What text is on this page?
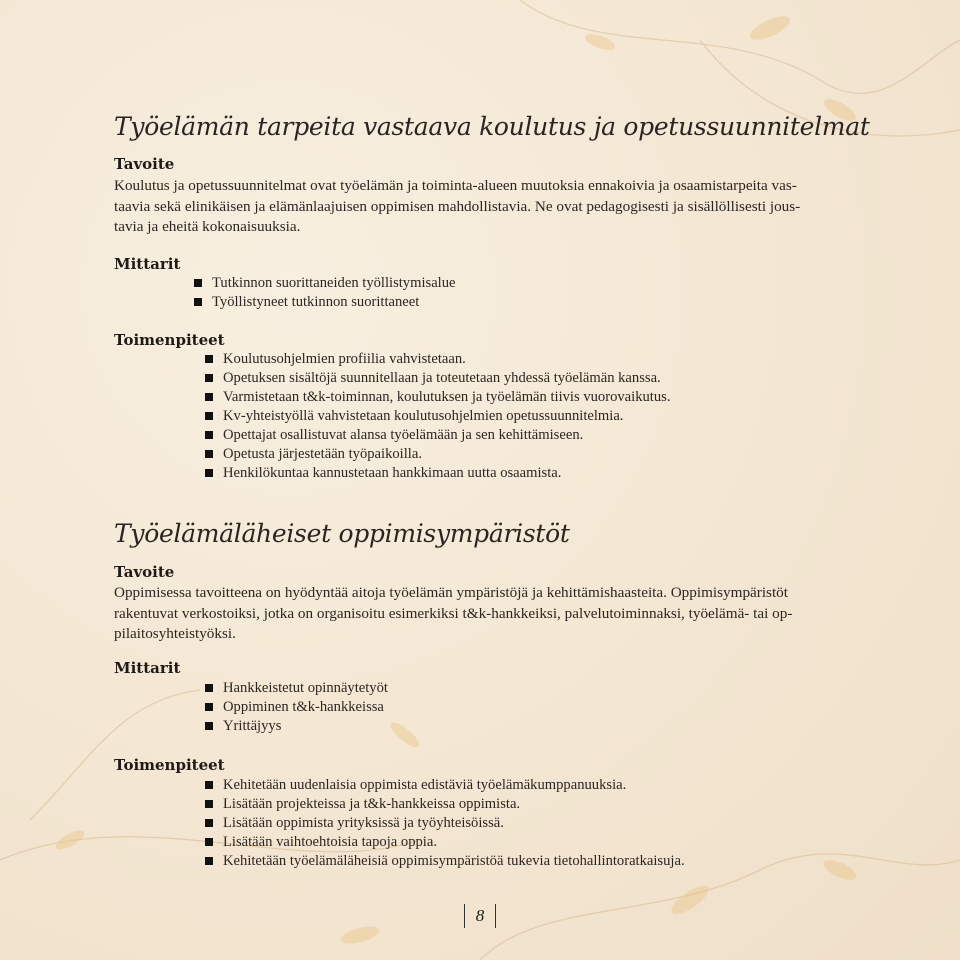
Työelämän tarpeita vastaava koulutus ja opetussuunnitelmat
Tavoite
Koulutus ja opetussuunnitelmat ovat työelämän ja toiminta-alueen muutoksia ennakoivia ja osaamistarpeita vas-
taavia sekä elinikäisen ja elämänlaajuisen oppimisen mahdollistavia. Ne ovat pedagogisesti ja sisällöllisesti jous-
tavia ja eheitä kokonaisuuksia.
Mittarit
Tutkinnon suorittaneiden työllistymisalue
Työllistyneet tutkinnon suorittaneet
Toimenpiteet
Koulutusohjelmien profiilia vahvistetaan.
Opetuksen sisältöjä suunnitellaan ja toteutetaan yhdessä työelämän kanssa.
Varmistetaan t&k-toiminnan, koulutuksen ja työelämän tiivis vuorovaikutus.
Kv-yhteistyöllä vahvistetaan koulutusohjelmien opetussuunnitelmia.
Opettajat osallistuvat alansa työelämään ja sen kehittämiseen.
Opetusta järjestetään työpaikoilla.
Henkilökuntaa kannustetaan hankkimaan uutta osaamista.
Työelämäläheiset oppimisympäristöt
Tavoite
Oppimisessa tavoitteena on hyödyntää aitoja työelämän ympäristöjä ja kehittämishaasteita. Oppimisympäristöt
rakentuvat verkostoiksi, jotka on organisoitu esimerkiksi t&k-hankkeiksi, palvelutoiminnaksi, työelämä- tai op-
pilaitosyhteistyöksi.
Mittarit
Hankkeistetut opinnäytetyöt
Oppiminen t&k-hankkeissa
Yrittäjyys
Toimenpiteet
Kehitetään uudenlaisia oppimista edistäviä työelämäkumppanuuksia.
Lisätään projekteissa ja t&k-hankkeissa oppimista.
Lisätään oppimista yrityksissä ja työyhteisöissä.
Lisätään vaihtoehtoisia tapoja oppia.
Kehitetään työelämäläheisiä oppimisympäristöä tukevia tietohallintoratkaisuja.
8
